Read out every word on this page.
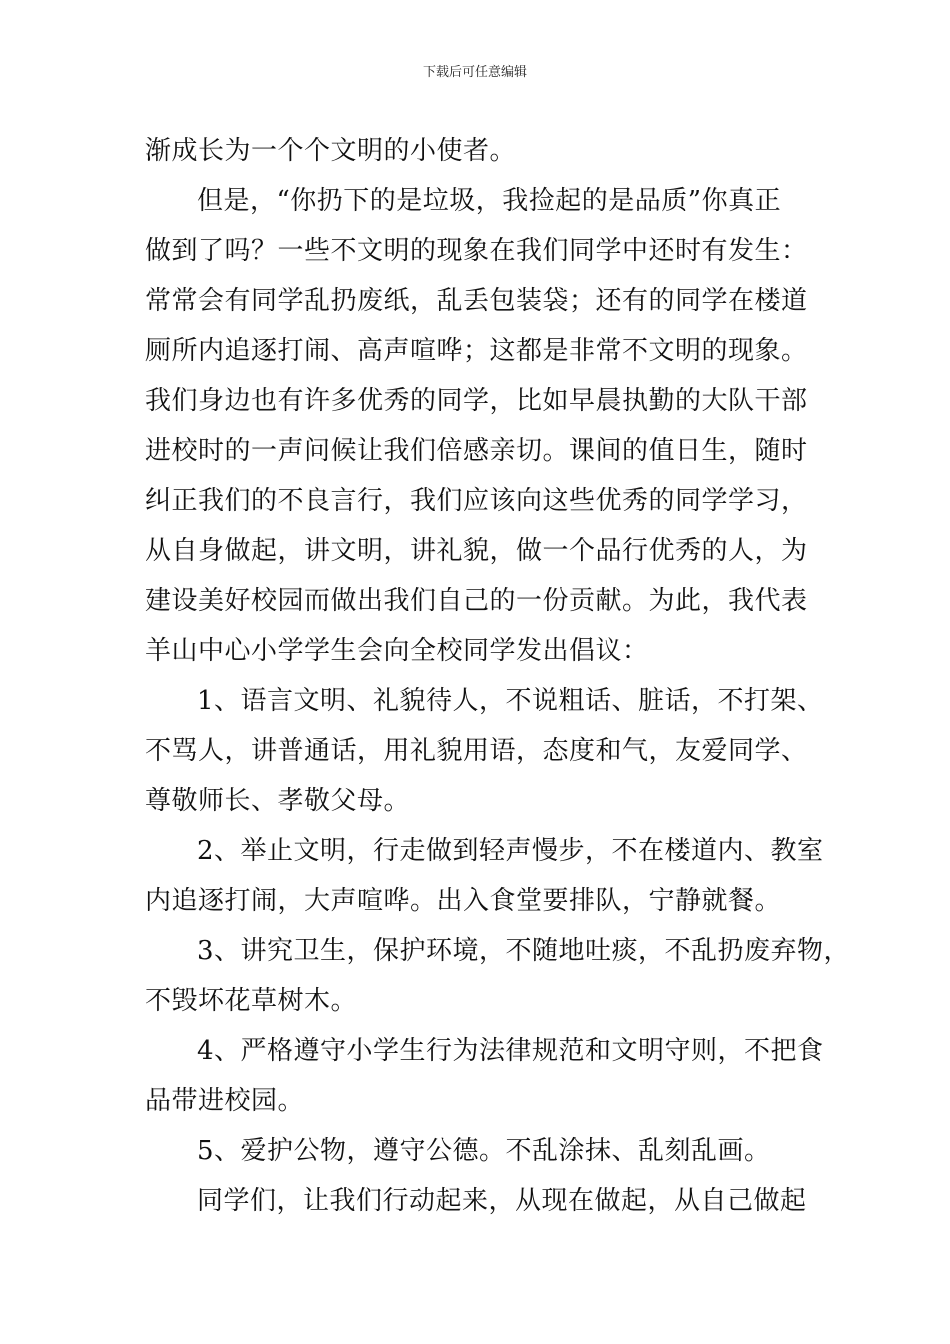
下载后可任意编辑
渐成长为一个个文明的小使者。
但是，“你扔下的是垃圾，我捡起的是品质”你真正
做到了吗？一些不文明的现象在我们同学中还时有发生：
常常会有同学乱扔废纸，乱丢包装袋；还有的同学在楼道
厕所内追逐打闹、高声喧哗；这都是非常不文明的现象。
我们身边也有许多优秀的同学，比如早晨执勤的大队干部
进校时的一声问候让我们倍感亲切。课间的值日生，随时
纠正我们的不良言行，我们应该向这些优秀的同学学习，
从自身做起，讲文明，讲礼貌，做一个品行优秀的人，为
建设美好校园而做出我们自己的一份贡献。为此，我代表
羊山中心小学学生会向全校同学发出倡议：
1、语言文明、礼貌待人，不说粗话、脏话，不打架、
不骂人，讲普通话，用礼貌用语，态度和气，友爱同学、
尊敬师长、孝敬父母。
2、举止文明，行走做到轻声慢步，不在楼道内、教室
内追逐打闹，大声喧哗。出入食堂要排队，宁静就餐。
3、讲究卫生，保护环境，不随地吐痰，不乱扔废弃物，
不毁坏花草树木。
4、严格遵守小学生行为法律规范和文明守则，不把食
品带进校园。
5、爱护公物，遵守公德。不乱涂抹、乱刻乱画。
同学们，让我们行动起来，从现在做起，从自己做起
